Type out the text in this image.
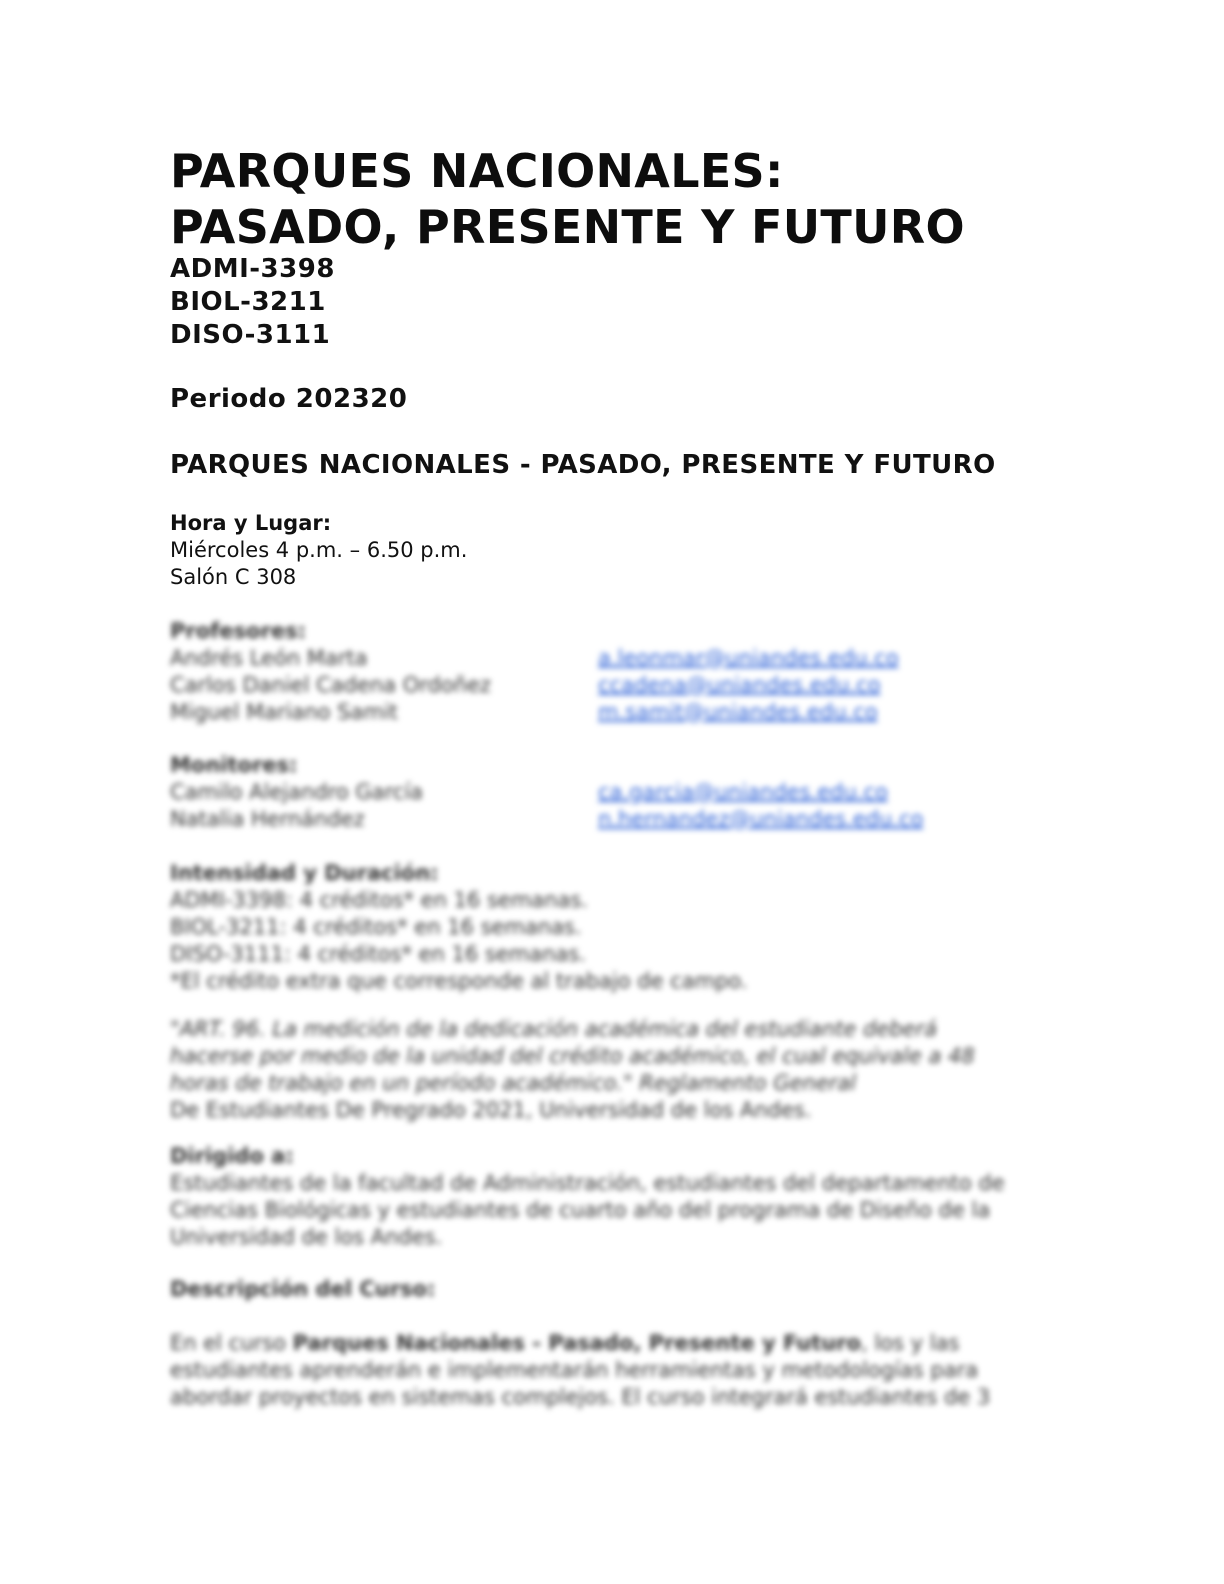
PARQUES NACIONALES:
PASADO, PRESENTE Y FUTURO
ADMI-3398
BIOL-3211
DISO-3111
Periodo 202320
PARQUES NACIONALES - PASADO, PRESENTE Y FUTURO
Hora y Lugar:
Miércoles 4 p.m. – 6.50 p.m.
Salón C 308
Profesores:
Andrés León Marta	a.leonmar@uniandes.edu.co
Carlos Daniel Cadena Ordoñez	ccadena@uniandes.edu.co
Miguel Mariano Samit	m.samit@uniandes.edu.co
Monitores:
Camilo Alejandro García	ca.garcia@uniandes.edu.co
Natalia Hernández	n.hernandez@uniandes.edu.co
Intensidad y Duración:
ADMI-3398: 4 créditos* en 16 semanas.
BIOL-3211: 4 créditos* en 16 semanas.
DISO-3111: 4 créditos* en 16 semanas.
*El crédito extra que corresponde al trabajo de campo.
"ART. 96. La medición de la dedicación académica del estudiante deberá
hacerse por medio de la unidad del crédito académico, el cual equivale a 48
horas de trabajo en un período académico." Reglamento General
De Estudiantes De Pregrado 2021, Universidad de los Andes.
Dirigido a:
Estudiantes de la facultad de Administración, estudiantes del departamento de
Ciencias Biológicas y estudiantes de cuarto año del programa de Diseño de la
Universidad de los Andes.
Descripción del Curso:
En el curso Parques Nacionales - Pasado, Presente y Futuro, los y las
estudiantes aprenderán e implementarán herramientas y metodologías para
abordar proyectos en sistemas complejos. El curso integrará estudiantes de 3
